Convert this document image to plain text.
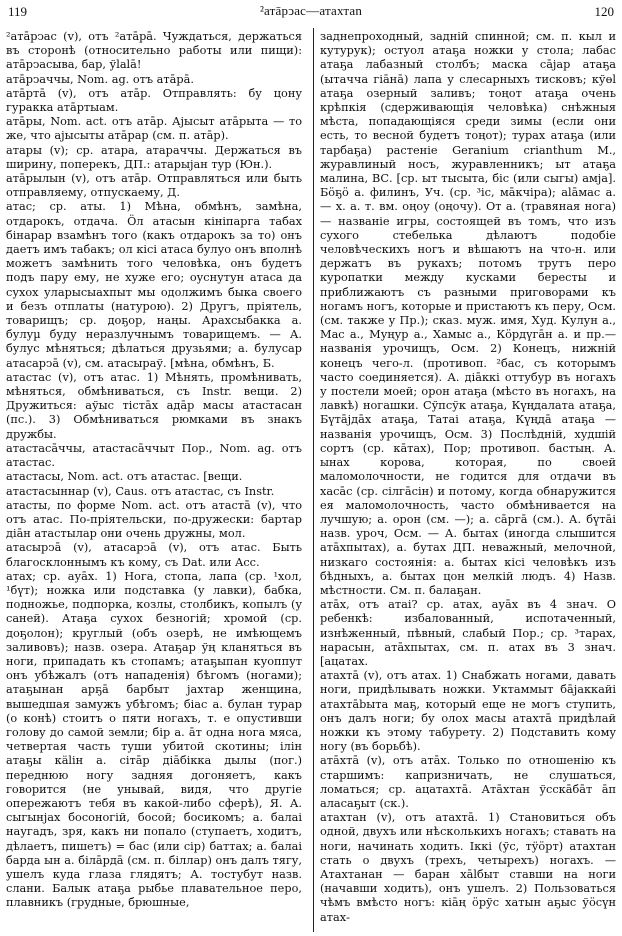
119	²атāрↄас—атахтаn	120

²атāрↄас (v), отъ ²атāрā. Чуждаться, держаться въ сторонѣ (относительно работы или пищи): атāрↄасыва, бар, ўlаlā!

атāрↄаччы, Nom. ag. отъ атāрā.

атāртā (v), отъ атāр. Отправлять: бу цону гуракка атāртыам.

атāры, Nom. act. отъ атāр. Аjысыт атāрыта — то же, что аjысыты атāрар (см. п. атāр).

атары (v); ср. атара, атараччы. Держаться въ ширину, поперекъ, ДП.: атарыjан тур (Юн.).

атāрылын (v), отъ атāр. Отправляться или быть отправляему, отпускаему, Д.

атас; ср. аты. 1) Мѣна, обмѣнъ, замѣна, отдарокъ, отдача. Ӧл атасын кiнiпарга табах бiнарар взамѣнъ того (какъ отдарокъ за то) онъ даетъ имъ табакъ; ол кiсi атаса булуо онъ вполнѣ можетъ замѣнить того человѣка, онъ будетъ подъ пару ему, не хуже его; оуснутун атаса да сухох уларысыахпыт мы одолжимъ быка своего и безъ отплаты (натурою). 2) Другъ, пріятель, товарищъ; ср. доҕор, наңы. Арахсыбакка а. булуµ буду неразлучнымъ товарищемъ. — А. булус мѣняться; дѣлаться друзьями; а. булусар атасарↄā (v), см. атасыраў. [мѣна, обмѣнъ, Б.

атастас (v), отъ атас. 1) Мѣнять, промѣнивать, мѣняться, обмѣниваться, съ Instr. вещи. 2) Дружиться: аўыс тiстāх адāр масы атастасан (пс.). 3) Обмѣниваться рюмками въ знакъ дружбы.

атастасāччы, атастасāччыт Пор., Nom. ag. отъ атастас.

атастасы, Nom. act. отъ атастас. [вещи.

атастасыннар (v), Caus. отъ атастас, съ Instr.

атасты, по форме Nom. act. отъ атастā (v), что отъ атас. По-пріятельски, по-дружески: бартар дiāн атастылар они очень дружны, мол.

атасырↄā (v), атасарↄā (v), отъ атас. Быть благосклоннымъ къ кому, съ Dat. или Acc.

атах; ср. ауāх. 1) Нога, стопа, лапа (ср. ¹хол, ¹бүт); ножка или подставка (у лавки), бабка, подножье, подпорка, козлы, столбикъ, копылъ (у саней). Атаҕа сухох безногій; хромой (ср. доҕолон); круглый (объ озерѣ, не имѣющемъ заливовъ); назв. озера. Атаҕар ўң кланяться въ ноги, припадать къ стопамъ; атаҕыпан куоппут онъ убѣжалъ (отъ нападенія) бѣгомъ (ногами); атаҕынан арҕā барбыт jахтар женщина, вышедшая замужъ убѣгомъ; бiас а. булан турар (о конѣ) стоитъ о пяти ногахъ, т. е опустивши голову до самой земли; бiр а. āт одна нога мяса, четвертая часть туши убитой скотины; iлiн атаҕы кäliн а. сiтāр дiāбiкка дылы (пог.) переднюю ногу задняя догоняетъ, какъ говорится (не унывай, видя, что другіе опережаютъ тебя въ какой-либо сферѣ), Я. А. сыгынjах босоногій, босой; босикомъ; а. балаі наугадъ, зря, какъ ни попало (ступаетъ, ходитъ, дѣлаетъ, пишетъ) = бас (или сiр) баттах; а. балаі барда ын а. бiлāрдā (см. п. бiллар) онъ далъ тягу, ушелъ куда глаза глядятъ; А. тостубут назв. слани. Балык атаҕа рыбье плавательное перо, плавникъ (грудные, брюшные,

заднепроходный, задній спинной; см. п. кыл и кутурук); остуол атаҕа ножки у стола; лабас атаҕа лабазный столбъ; маска сājар атаҕа (ытачча гiāнā) лапа у слесарныхъ тисковъ; кўөl атаҕа озерный заливъ; тоңот атаҕа очень крѣпкія (сдерживающія человѣка) снѣжныя мѣста, попадающіяся среди зимы (если они есть, то весной будетъ тоңот); тураx атаҕа (или тарбаҕа) растеніе Geranium crianthum М., журавлиный носъ, журавленникъ; ыт атаҕа малина, ВС. [ср. ыт тысыта, бiс (или сыгы) амjа]. Бӧҕӧ а. филинъ, Уч. (ср. ³iс, мāкчiра); аlāмас а. — х. а. т. вм. оңоу (оңочу). От а. (травяная нога) — названіе игры, состоящей въ томъ, что изъ сухого стебелька дѣлаютъ подобіе человѣческихъ ногъ и вѣшаютъ на что-н. или держатъ въ рукахъ; потомъ трутъ перо куропатки между кусками бересты и приближаютъ съ разными приговорами къ ногамъ ногъ, которые и пристаютъ къ перу, Осм. (см. также у Пр.); сказ. муж. имя, Худ. Кулун а., Мас а., Муңур а., Хамыс а., Кӧрдүгāн а. и пр.— названія урочищъ, Осм. 2) Конецъ, нижній конецъ чего-л. (противоп. ²бас, съ которымъ часто соединяется). А. дiāккi оттубур въ ногахъ у постели моей; орон атаҕа (мѣсто въ ногахъ, на лавкѣ) ногашки. Сўпсўк атаҕа, Күңдалата атаҕа, Бүтājдāх атаҕа, Татаі атаҕа, Күңдā атаҕа — названія урочищъ, Осм. 3) Послѣдній, худшій сортъ (ср. кāтах), Пор; противоп. бастың. А. ынах корова, которая, по своей маломолочности, не годится для отдачи въ хасāс (ср. сiлгāсiн) и потому, когда обнаружится ея маломолочность, часто обмѣнивается на лучшую; а. орон (см. —); а. сāргā (см.). А. бүтāі назв. уроч, Осм. — А. бытах (иногда слышится атāхпытах), а. бутах ДП. неважный, мелочной, низкаго состоянія: а. бытах кiсi человѣкъ изъ бѣдныхъ, а. бытах цон мелкій людъ. 4) Назв. мѣстности. См. п. балаҕан.

атāх, отъ атаі? ср. атах, ауāх въ 4 знач. О ребенкѣ: избалованный, испотаченный, изнѣженный, пѣвный, слабый Пор.; ср. ³тарах, нарасын, атāхпытах, см. п. атах въ 3 знач. [ацатах.

атахтā (v), отъ атах. 1) Снабжать ногами, давать ноги, придѣлывать ножки. Уктаммыт бājаккайi атахтābыта маҕ, который еще не могъ ступить, онъ далъ ноги; бу олох масы атахтā придѣлай ножки къ этому табурету. 2) Подставить кому ногу (въ борьбѣ).

атāхтā (v), отъ атāх. Только по отношенію къ старшимъ: капризничать, не слушаться, ломаться; ср. ацатахтā. Атāхтан ўсскāбāт āп аласаҕыт (ск.).

атахтан (v), отъ атахтā. 1) Становиться объ одной, двухъ или нѣсколькихъ ногахъ; ставать на ноги, начинать ходить. Iккi (ўс, тӱӧрт) атахтан стать о двухъ (трехъ, четырехъ) ногахъ. — Атахтанан — баран хālбыт ставши на ноги (начавши ходить), онъ ушелъ. 2) Пользоваться чѣмъ вмѣсто ногъ: кiāң ӧрўс хатын аҕыс ўӧсүн атах-
